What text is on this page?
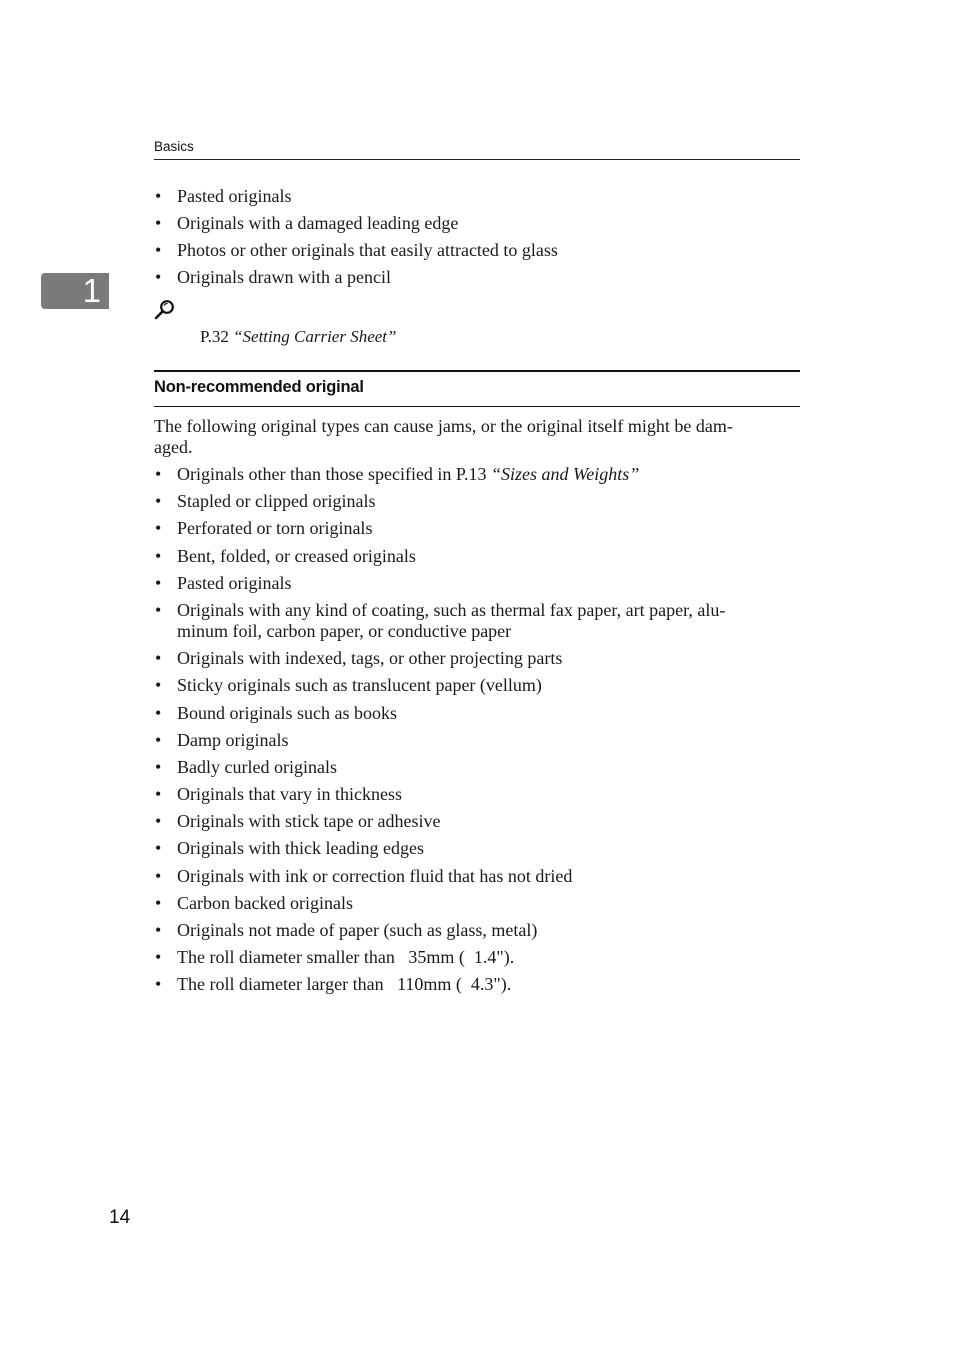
Basics
1
• Pasted originals
• Originals with a damaged leading edge
• Photos or other originals that easily attracted to glass
• Originals drawn with a pencil
P.32 “Setting Carrier Sheet”
Non-recommended original
The following original types can cause jams, or the original itself might be dam-
aged.
• Originals other than those specified in P.13 “Sizes and Weights”
• Stapled or clipped originals
• Perforated or torn originals
• Bent, folded, or creased originals
• Pasted originals
• Originals with any kind of coating, such as thermal fax paper, art paper, alu-
minum foil, carbon paper, or conductive paper
• Originals with indexed, tags, or other projecting parts
• Sticky originals such as translucent paper (vellum)
• Bound originals such as books
• Damp originals
• Badly curled originals
• Originals that vary in thickness
• Originals with stick tape or adhesive
• Originals with thick leading edges
• Originals with ink or correction fluid that has not dried
• Carbon backed originals
• Originals not made of paper (such as glass, metal)
• The roll diameter smaller than   35mm (  1.4").
• The roll diameter larger than   110mm (  4.3").
14
